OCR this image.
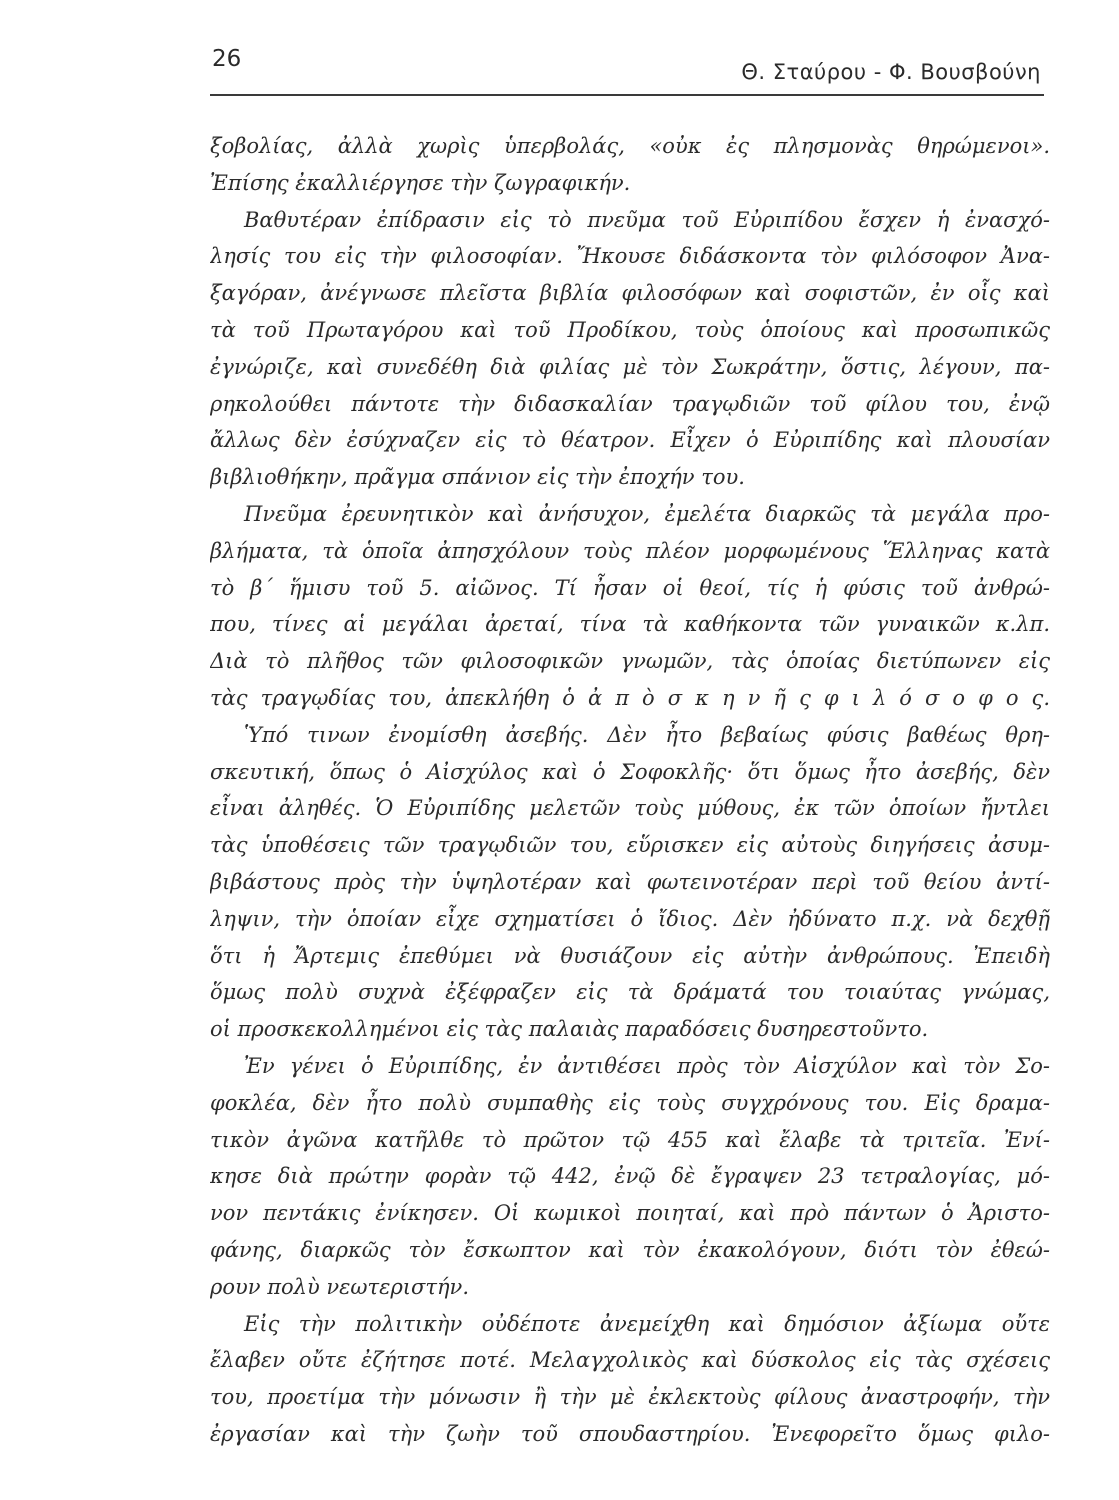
26	Θ. Σταύρου - Φ. Βουσβούνη
ξοβολίας, ἀλλὰ χωρὶς ὑπερβολάς, «οὐκ ἐς πλησμονὰς θηρώμενοι».
Ἐπίσης ἐκαλλιέργησε τὴν ζωγραφικήν.
Βαθυτέραν ἐπίδρασιν εἰς τὸ πνεῦμα τοῦ Εὐριπίδου ἔσχεν ἡ ἐνασχό-
λησίς του εἰς τὴν φιλοσοφίαν. Ἤκουσε διδάσκοντα τὸν φιλόσοφον Ἀνα-
ξαγόραν, ἀνέγνωσε πλεῖστα βιβλία φιλοσόφων καὶ σοφιστῶν, ἐν οἷς καὶ
τὰ τοῦ Πρωταγόρου καὶ τοῦ Προδίκου, τοὺς ὁποίους καὶ προσωπικῶς
ἐγνώριζε, καὶ συνεδέθη διὰ φιλίας μὲ τὸν Σωκράτην, ὅστις, λέγουν, πα-
ρηκολούθει πάντοτε τὴν διδασκαλίαν τραγῳδιῶν τοῦ φίλου του, ἐνῷ
ἄλλως δὲν ἐσύχναζεν εἰς τὸ θέατρον. Εἶχεν ὁ Εὐριπίδης καὶ πλουσίαν
βιβλιοθήκην, πρᾶγμα σπάνιον εἰς τὴν ἐποχήν του.
Πνεῦμα ἐρευνητικὸν καὶ ἀνήσυχον, ἐμελέτα διαρκῶς τὰ μεγάλα προ-
βλήματα, τὰ ὁποῖα ἀπησχόλουν τοὺς πλέον μορφωμένους Ἕλληνας κατὰ
τὸ β΄ ἥμισυ τοῦ 5. αἰῶνος. Τί ἦσαν οἱ θεοί, τίς ἡ φύσις τοῦ ἀνθρώ-
που, τίνες αἱ μεγάλαι ἀρεταί, τίνα τὰ καθήκοντα τῶν γυναικῶν κ.λπ.
Διὰ τὸ πλῆθος τῶν φιλοσοφικῶν γνωμῶν, τὰς ὁποίας διετύπωνεν εἰς
τὰς τραγῳδίας του, ἀπεκλήθη ὁ ἀ π ὸ σ κ η ν ῆ ς φ ι λ ό σ ο φ ο ς.
Ὑπό τινων ἐνομίσθη ἀσεβής. Δὲν ἦτο βεβαίως φύσις βαθέως θρη-
σκευτική, ὅπως ὁ Αἰσχύλος καὶ ὁ Σοφοκλῆς· ὅτι ὅμως ἦτο ἀσεβής, δὲν
εἶναι ἀληθές. Ὁ Εὐριπίδης μελετῶν τοὺς μύθους, ἐκ τῶν ὁποίων ἤντλει
τὰς ὑποθέσεις τῶν τραγῳδιῶν του, εὕρισκεν εἰς αὐτοὺς διηγήσεις ἀσυμ-
βιβάστους πρὸς τὴν ὑψηλοτέραν καὶ φωτεινοτέραν περὶ τοῦ θείου ἀντί-
ληψιν, τὴν ὁποίαν εἶχε σχηματίσει ὁ ἴδιος. Δὲν ἠδύνατο π.χ. νὰ δεχθῇ
ὅτι ἡ Ἄρτεμις ἐπεθύμει νὰ θυσιάζουν εἰς αὐτὴν ἀνθρώπους. Ἐπειδὴ
ὅμως πολὺ συχνὰ ἐξέφραζεν εἰς τὰ δράματά του τοιαύτας γνώμας,
οἱ προσκεκολλημένοι εἰς τὰς παλαιὰς παραδόσεις δυσηρεστοῦντο.
Ἐν γένει ὁ Εὐριπίδης, ἐν ἀντιθέσει πρὸς τὸν Αἰσχύλον καὶ τὸν Σο-
φοκλέα, δὲν ἦτο πολὺ συμπαθὴς εἰς τοὺς συγχρόνους του. Εἰς δραμα-
τικὸν ἀγῶνα κατῆλθε τὸ πρῶτον τῷ 455 καὶ ἔλαβε τὰ τριτεῖα. Ἐνί-
κησε διὰ πρώτην φορὰν τῷ 442, ἐνῷ δὲ ἔγραψεν 23 τετραλογίας, μό-
νον πεντάκις ἐνίκησεν. Οἱ κωμικοὶ ποιηταί, καὶ πρὸ πάντων ὁ Ἀριστο-
φάνης, διαρκῶς τὸν ἔσκωπτον καὶ τὸν ἐκακολόγουν, διότι τὸν ἐθεώ-
ρουν πολὺ νεωτεριστήν.
Εἰς τὴν πολιτικὴν οὐδέποτε ἀνεμείχθη καὶ δημόσιον ἀξίωμα οὔτε
ἔλαβεν οὔτε ἐζήτησε ποτέ. Μελαγχολικὸς καὶ δύσκολος εἰς τὰς σχέσεις
του, προετίμα τὴν μόνωσιν ἢ τὴν μὲ ἐκλεκτοὺς φίλους ἀναστροφήν, τὴν
ἐργασίαν καὶ τὴν ζωὴν τοῦ σπουδαστηρίου. Ἐνεφορεῖτο ὅμως φιλο-
